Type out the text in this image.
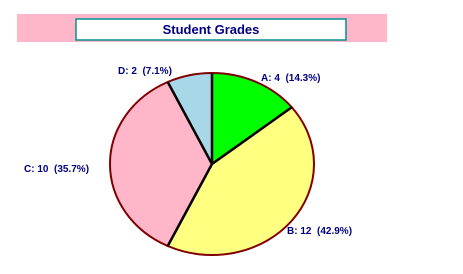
Student Grades
A: 4  (14.3%)
B: 12  (42.9%)
C: 10  (35.7%)
D: 2  (7.1%)
